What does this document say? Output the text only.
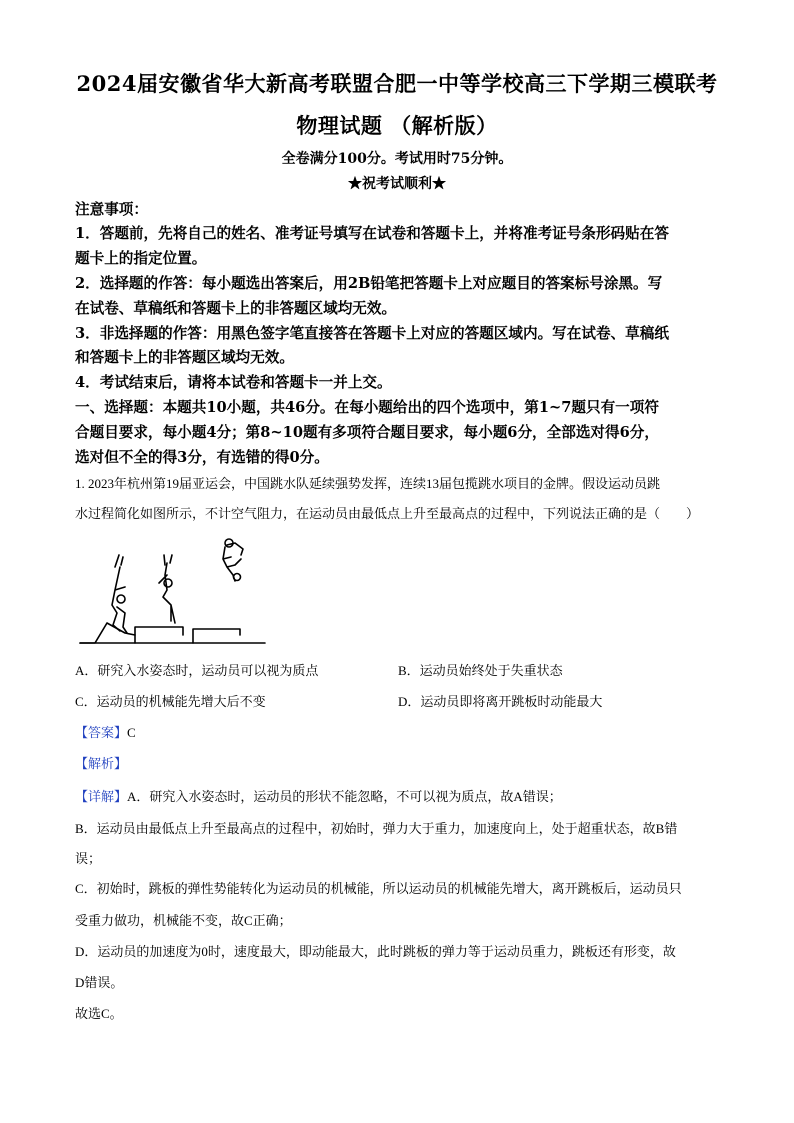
2024届安徽省华大新高考联盟合肥一中等学校高三下学期三模联考
物理试题 （解析版）
全卷满分100分。考试用时75分钟。
★祝考试顺利★
注意事项：
1．答题前，先将自己的姓名、准考证号填写在试卷和答题卡上，并将准考证号条形码贴在答
题卡上的指定位置。
2．选择题的作答：每小题选出答案后，用2B铅笔把答题卡上对应题目的答案标号涂黑。写
在试卷、草稿纸和答题卡上的非答题区域均无效。
3．非选择题的作答：用黑色签字笔直接答在答题卡上对应的答题区域内。写在试卷、草稿纸
和答题卡上的非答题区域均无效。
4．考试结束后，请将本试卷和答题卡一并上交。
一、选择题：本题共10小题，共46分。在每小题给出的四个选项中，第1~7题只有一项符
合题目要求，每小题4分；第8~10题有多项符合题目要求，每小题6分，全部选对得6分，
选对但不全的得3分，有选错的得0分。
1. 2023年杭州第19届亚运会，中国跳水队延续强势发挥，连续13届包揽跳水项目的金牌。假设运动员跳
水过程简化如图所示，不计空气阻力，在运动员由最低点上升至最高点的过程中，下列说法正确的是（　　）
A．研究入水姿态时，运动员可以视为质点	B．运动员始终处于失重状态
C．运动员的机械能先增大后不变	D．运动员即将离开跳板时动能最大
【答案】C
【解析】
【详解】A．研究入水姿态时，运动员的形状不能忽略，不可以视为质点，故A错误；
B．运动员由最低点上升至最高点的过程中，初始时，弹力大于重力，加速度向上，处于超重状态，故B错
误；
C．初始时，跳板的弹性势能转化为运动员的机械能，所以运动员的机械能先增大，离开跳板后，运动员只
受重力做功，机械能不变，故C正确；
D．运动员的加速度为0时，速度最大，即动能最大，此时跳板的弹力等于运动员重力，跳板还有形变，故
D错误。
故选C。
